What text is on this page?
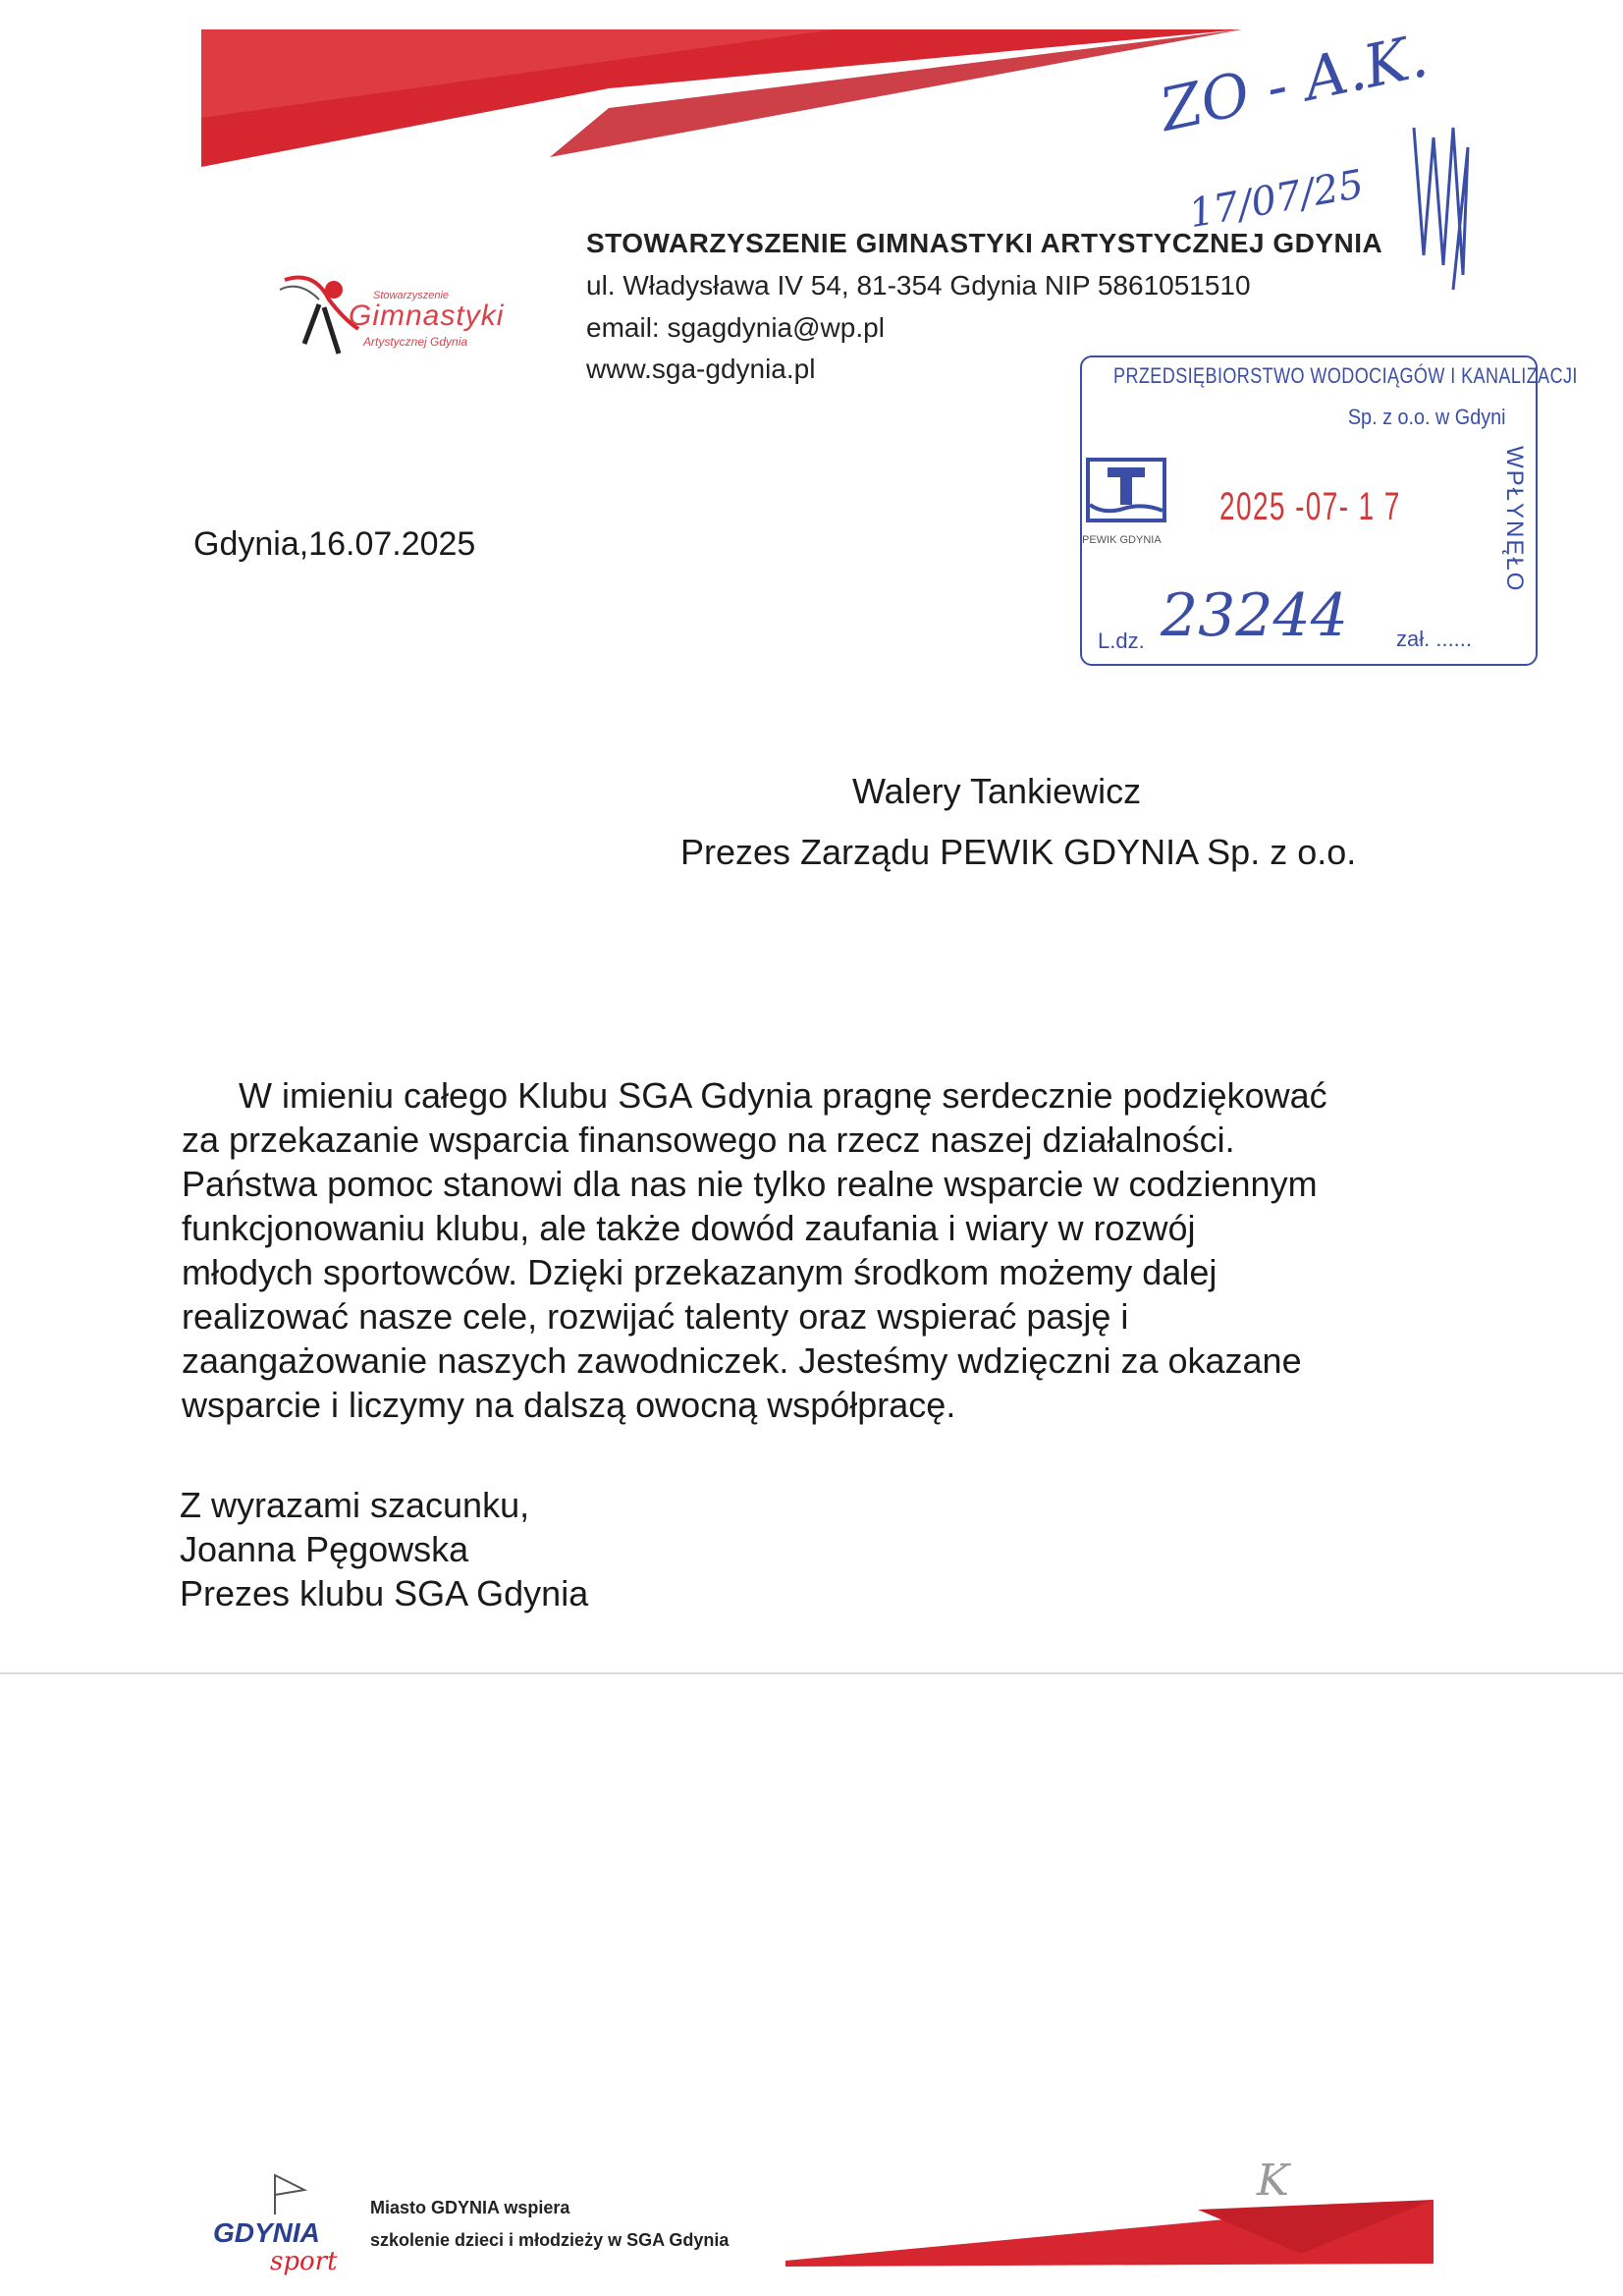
Stowarzyszenie
Gimnastyki
Artystycznej Gdynia
STOWARZYSZENIE GIMNASTYKI ARTYSTYCZNEJ GDYNIA
ul. Władysława IV 54, 81-354 Gdynia NIP 5861051510
email: sgagdynia@wp.pl
www.sga-gdynia.pl
ZO - A.K.
17/07/25
Gdynia,16.07.2025
PRZEDSIĘBIORSTWO WODOCIĄGÓW I KANALIZACJI
Sp. z o.o. w Gdyni
PEWIK GDYNIA
2025 -07- 1 7	WPŁYNĘŁO
L.dz. 23244 zał. ......
Walery Tankiewicz
Prezes Zarządu PEWIK GDYNIA Sp. z o.o.

W imieniu całego Klubu SGA Gdynia pragnę serdecznie podziękować

za przekazanie wsparcia finansowego na rzecz naszej działalności.

Państwa pomoc stanowi dla nas nie tylko realne wsparcie w codziennym

funkcjonowaniu klubu, ale także dowód zaufania i wiary w rozwój

młodych sportowców. Dzięki przekazanym środkom możemy dalej

realizować nasze cele, rozwijać talenty oraz wspierać pasję i

zaangażowanie naszych zawodniczek. Jesteśmy wdzięczni za okazane

wsparcie i liczymy na dalszą owocną współpracę.

Z wyrazami szacunku,
Joanna Pęgowska
Prezes klubu SGA Gdynia
GDYNIA
sport
Miasto GDYNIA wspiera
szkolenie dzieci i młodzieży w SGA Gdynia
K
